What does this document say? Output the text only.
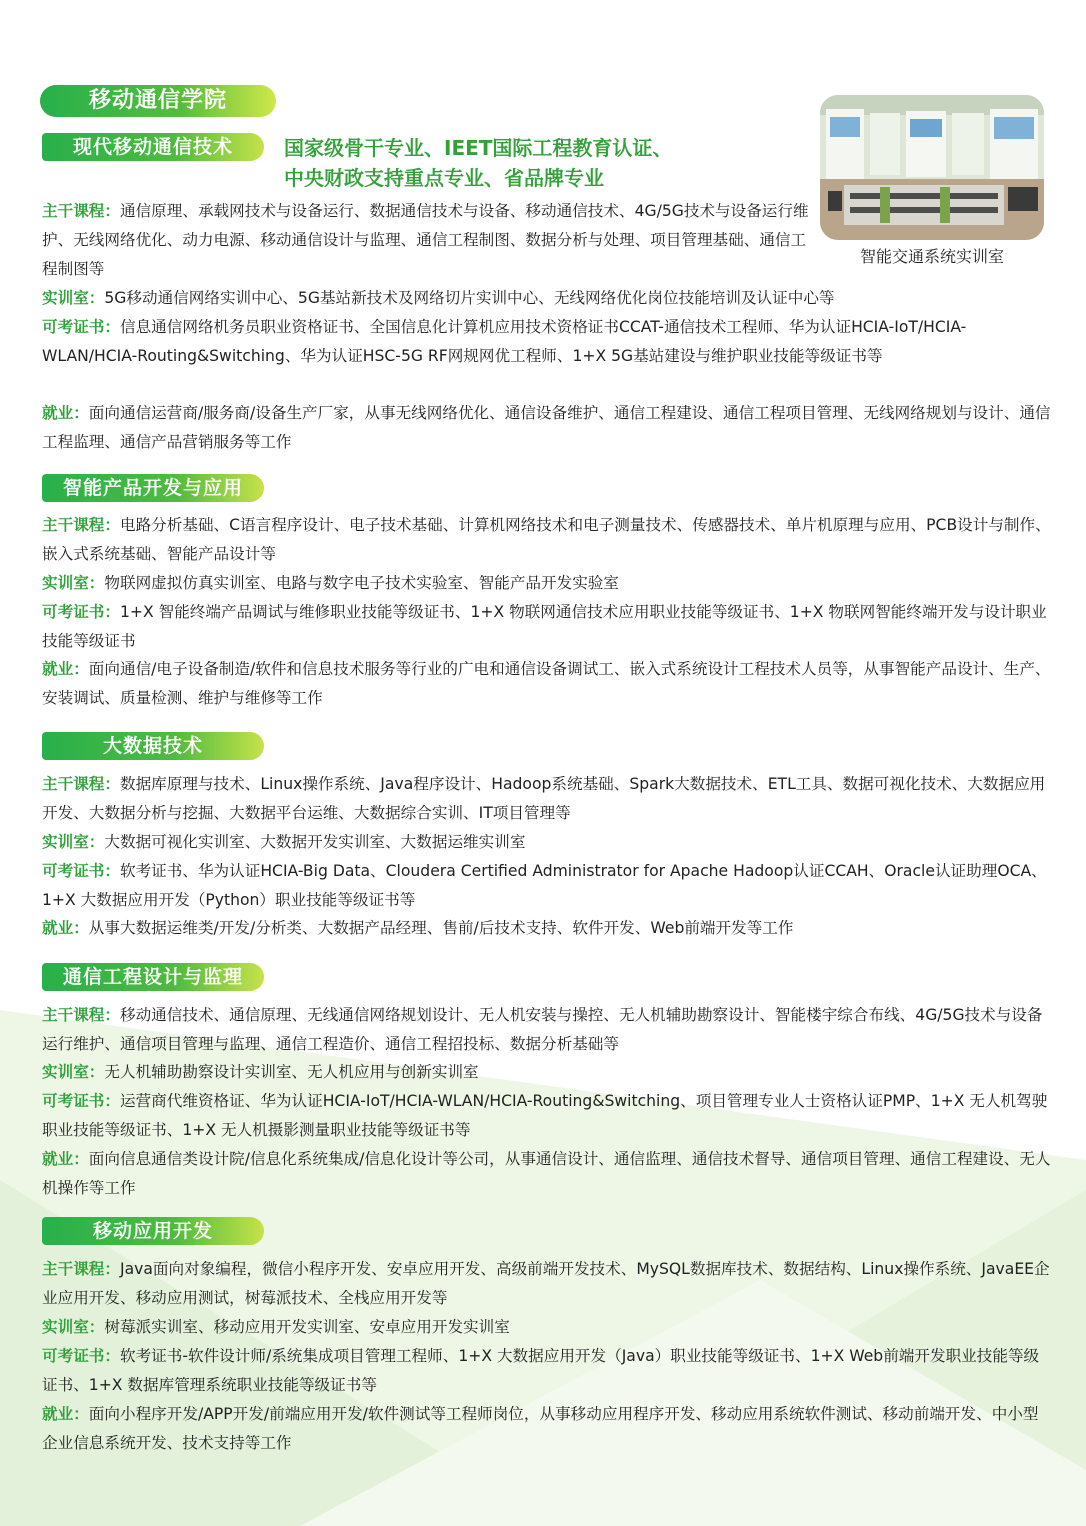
移动通信学院
智能交通系统实训室
现代移动通信技术	国家级骨干专业、IEET国际工程教育认证、
中央财政支持重点专业、省品牌专业
主干课程：通信原理、承载网技术与设备运行、数据通信技术与设备、移动通信技术、4G/5G技术与设备运行维护、无线网络优化、动力电源、移动通信设计与监理、通信工程制图、数据分析与处理、项目管理基础、通信工程制图等
实训室：5G移动通信网络实训中心、5G基站新技术及网络切片实训中心、无线网络优化岗位技能培训及认证中心等
可考证书：信息通信网络机务员职业资格证书、全国信息化计算机应用技术资格证书CCAT-通信技术工程师、华为认证HCIA-IoT/HCIA-WLAN/HCIA-Routing&Switching、华为认证HSC-5G RF网规网优工程师、1+X 5G基站建设与维护职业技能等级证书等
就业：面向通信运营商/服务商/设备生产厂家，从事无线网络优化、通信设备维护、通信工程建设、通信工程项目管理、无线网络规划与设计、通信工程监理、通信产品营销服务等工作
智能产品开发与应用
主干课程：电路分析基础、C语言程序设计、电子技术基础、计算机网络技术和电子测量技术、传感器技术、单片机原理与应用、PCB设计与制作、嵌入式系统基础、智能产品设计等
实训室：物联网虚拟仿真实训室、电路与数字电子技术实验室、智能产品开发实验室
可考证书：1+X 智能终端产品调试与维修职业技能等级证书、1+X 物联网通信技术应用职业技能等级证书、1+X 物联网智能终端开发与设计职业技能等级证书
就业：面向通信/电子设备制造/软件和信息技术服务等行业的广电和通信设备调试工、嵌入式系统设计工程技术人员等，从事智能产品设计、生产、安装调试、质量检测、维护与维修等工作
大数据技术
主干课程：数据库原理与技术、Linux操作系统、Java程序设计、Hadoop系统基础、Spark大数据技术、ETL工具、数据可视化技术、大数据应用开发、大数据分析与挖掘、大数据平台运维、大数据综合实训、IT项目管理等
实训室：大数据可视化实训室、大数据开发实训室、大数据运维实训室
可考证书：软考证书、华为认证HCIA-Big Data、Cloudera Certified Administrator for Apache Hadoop认证CCAH、Oracle认证助理OCA、1+X 大数据应用开发（Python）职业技能等级证书等
就业：从事大数据运维类/开发/分析类、大数据产品经理、售前/后技术支持、软件开发、Web前端开发等工作
通信工程设计与监理
主干课程：移动通信技术、通信原理、无线通信网络规划设计、无人机安装与操控、无人机辅助勘察设计、智能楼宇综合布线、4G/5G技术与设备运行维护、通信项目管理与监理、通信工程造价、通信工程招投标、数据分析基础等
实训室：无人机辅助勘察设计实训室、无人机应用与创新实训室
可考证书：运营商代维资格证、华为认证HCIA-IoT/HCIA-WLAN/HCIA-Routing&Switching、项目管理专业人士资格认证PMP、1+X 无人机驾驶职业技能等级证书、1+X 无人机摄影测量职业技能等级证书等
就业：面向信息通信类设计院/信息化系统集成/信息化设计等公司，从事通信设计、通信监理、通信技术督导、通信项目管理、通信工程建设、无人机操作等工作
移动应用开发
主干课程：Java面向对象编程，微信小程序开发、安卓应用开发、高级前端开发技术、MySQL数据库技术、数据结构、Linux操作系统、JavaEE企业应用开发、移动应用测试，树莓派技术、全栈应用开发等
实训室：树莓派实训室、移动应用开发实训室、安卓应用开发实训室
可考证书：软考证书-软件设计师/系统集成项目管理工程师、1+X 大数据应用开发（Java）职业技能等级证书、1+X Web前端开发职业技能等级证书、1+X 数据库管理系统职业技能等级证书等
就业：面向小程序开发/APP开发/前端应用开发/软件测试等工程师岗位，从事移动应用程序开发、移动应用系统软件测试、移动前端开发、中小型企业信息系统开发、技术支持等工作
